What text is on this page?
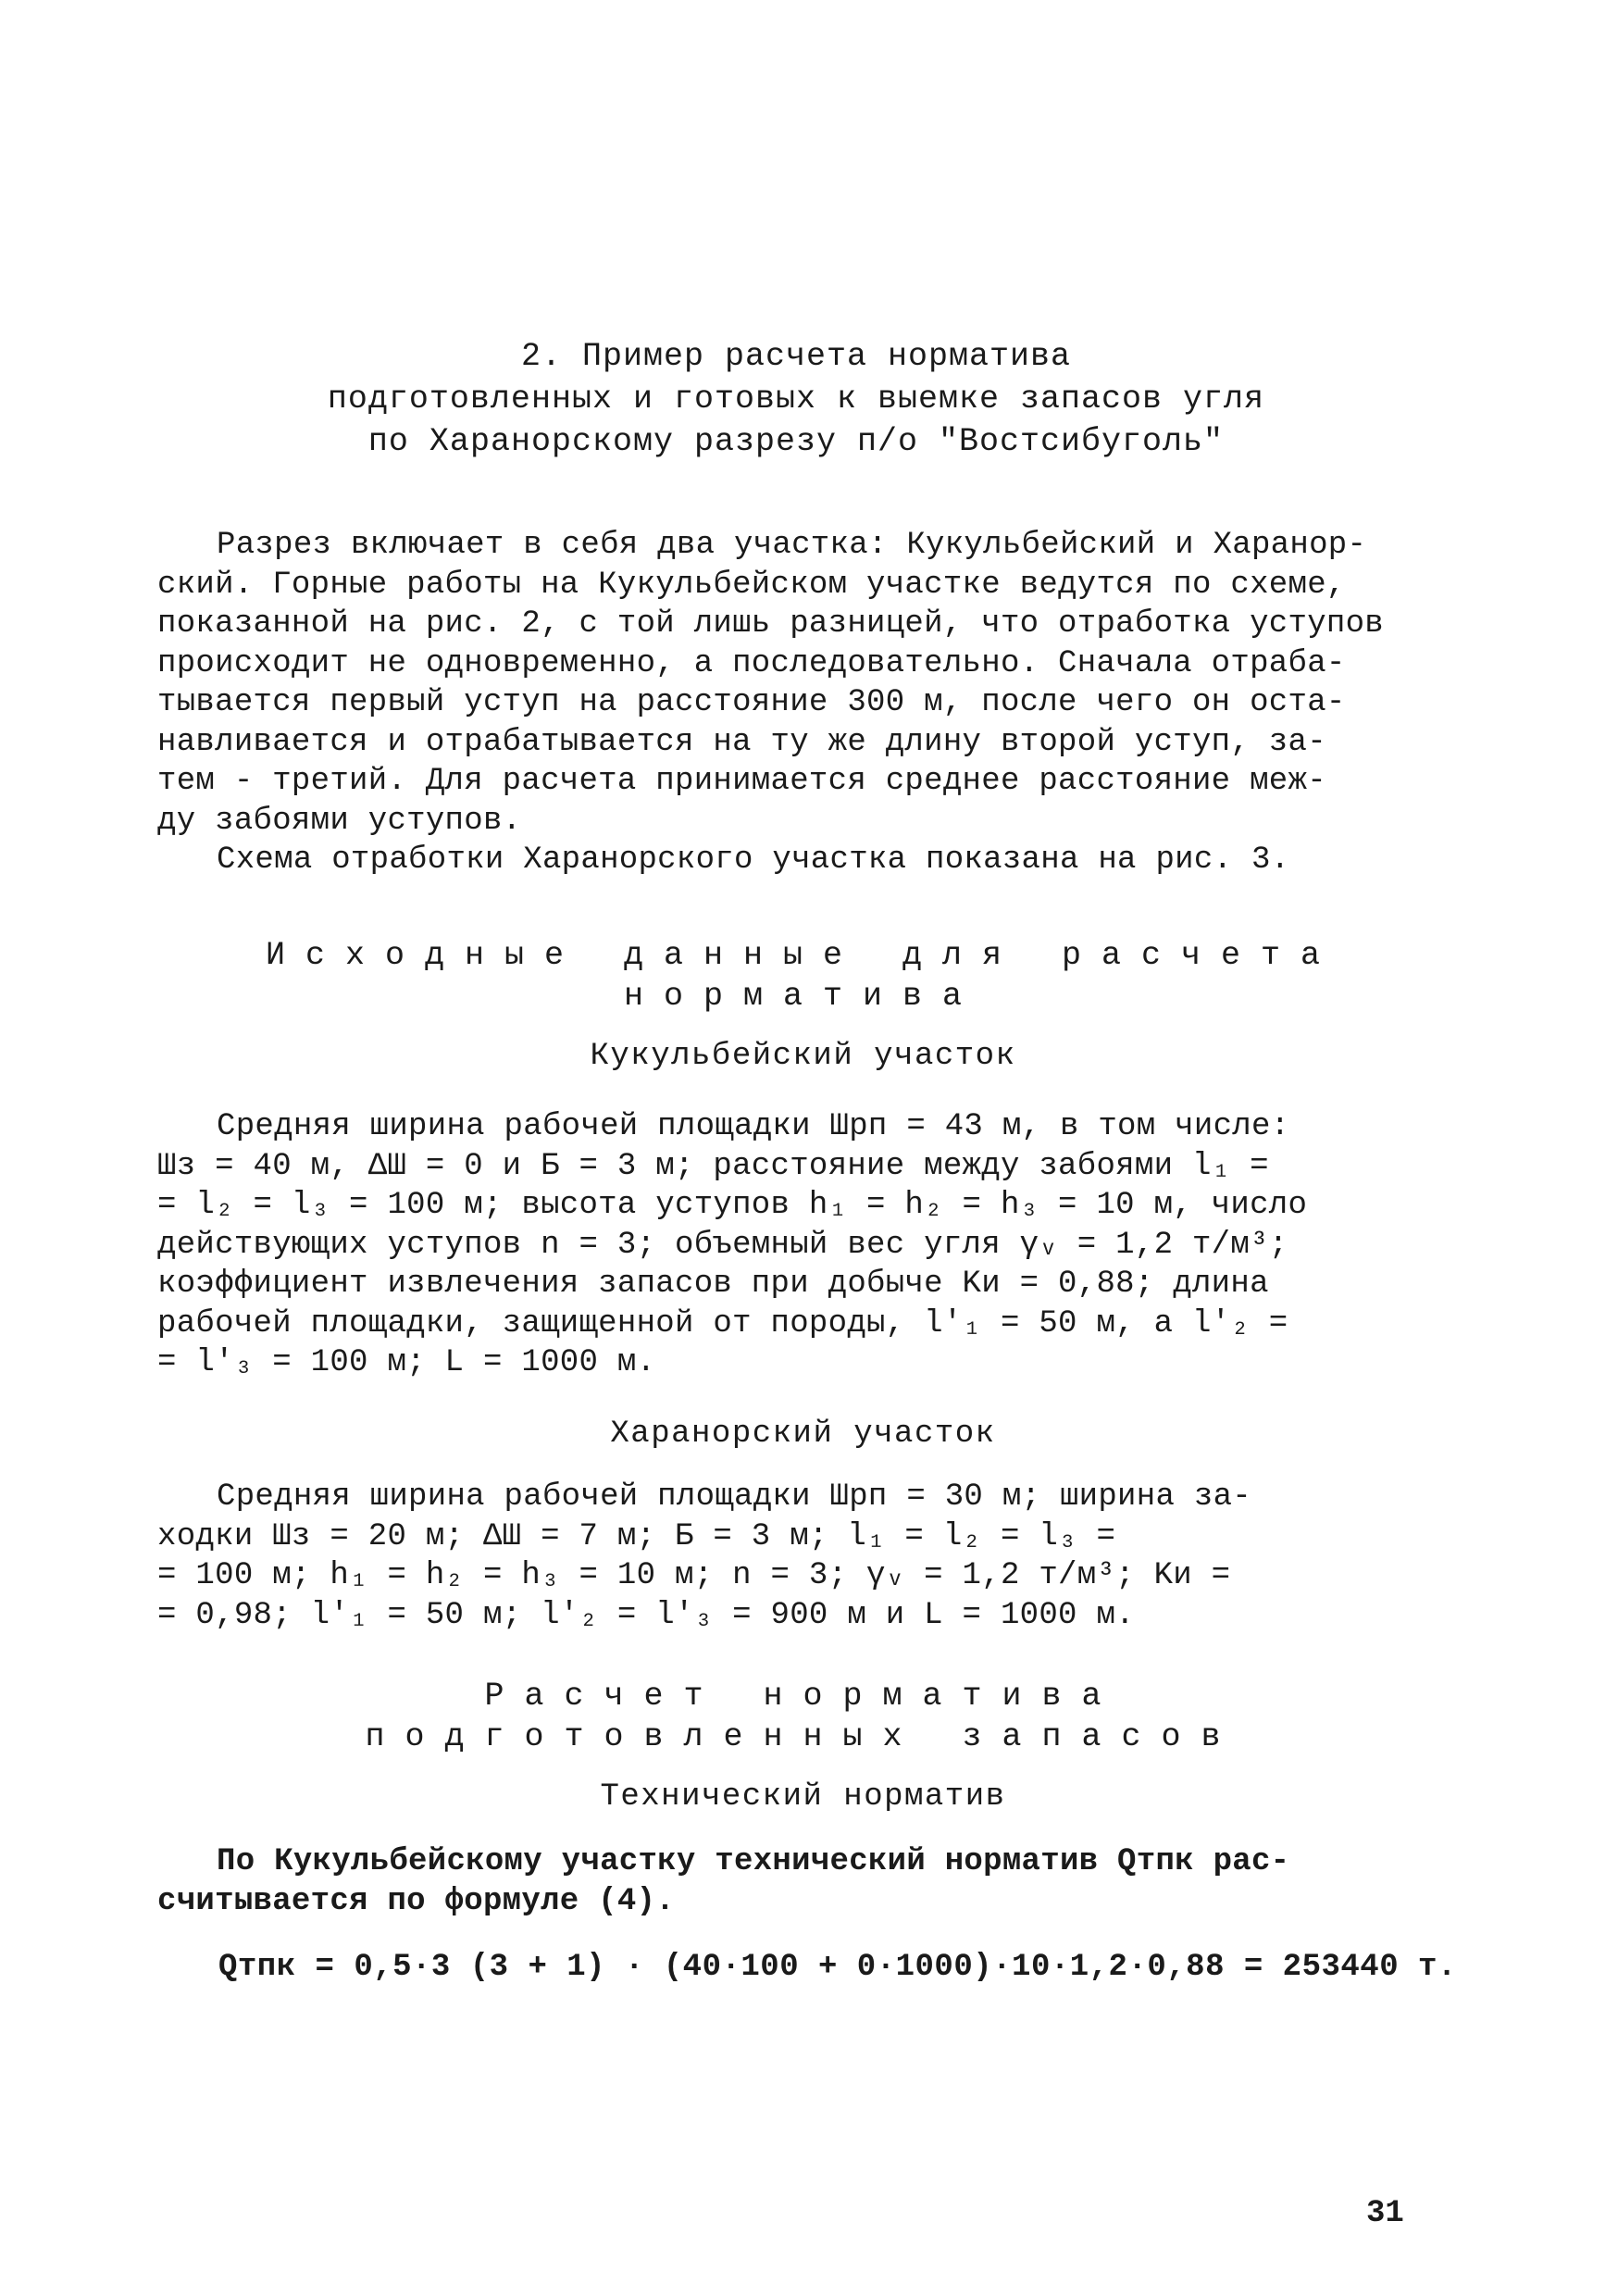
2. Пример расчета норматива
подготовленных и готовых к выемке запасов угля
по Харанорскому разрезу п/о "Востсибуголь"
Разрез включает в себя два участка: Кукульбейский и Харанор-
ский. Горные работы на Кукульбейском участке ведутся по схеме,
показанной на рис. 2, с той лишь разницей, что отработка уступов
происходит не одновременно, а последовательно. Сначала отраба-
тывается первый уступ на расстояние 300 м, после чего он оста-
навливается и отрабатывается на ту же длину второй уступ, за-
тем - третий. Для расчета принимается среднее расстояние меж-
ду забоями уступов.
Схема отработки Харанорского участка показана на рис. 3.
Исходные данные для расчета
норматива
Кукульбейский участок
Средняя ширина рабочей площадки Шрп = 43 м, в том числе:
Шз = 40 м, ΔШ = 0 и Б = 3 м; расстояние между забоями l₁ =
= l₂ = l₃ = 100 м; высота уступов h₁ = h₂ = h₃ = 10 м, число
действующих уступов n = 3; объемный вес угля γᵥ = 1,2 т/м³;
коэффициент извлечения запасов при добыче Kи = 0,88; длина
рабочей площадки, защищенной от породы, l'₁ = 50 м, а l'₂ =
= l'₃ = 100 м; L = 1000 м.
Харанорский участок
Средняя ширина рабочей площадки Шрп = 30 м; ширина за-
ходки Шз = 20 м; ΔШ = 7 м; Б = 3 м; l₁ = l₂ = l₃ =
= 100 м; h₁ = h₂ = h₃ = 10 м; n = 3; γᵥ = 1,2 т/м³; Kи =
= 0,98; l'₁ = 50 м; l'₂ = l'₃ = 900 м и L = 1000 м.
Расчет норматива
подготовленных запасов
Технический норматив
По Кукульбейскому участку технический норматив Qтпк рас-
считывается по формуле (4).
Qтпк = 0,5·3 (3 + 1) · (40·100 + 0·1000)·10·1,2·0,88 = 253440 т.
31
